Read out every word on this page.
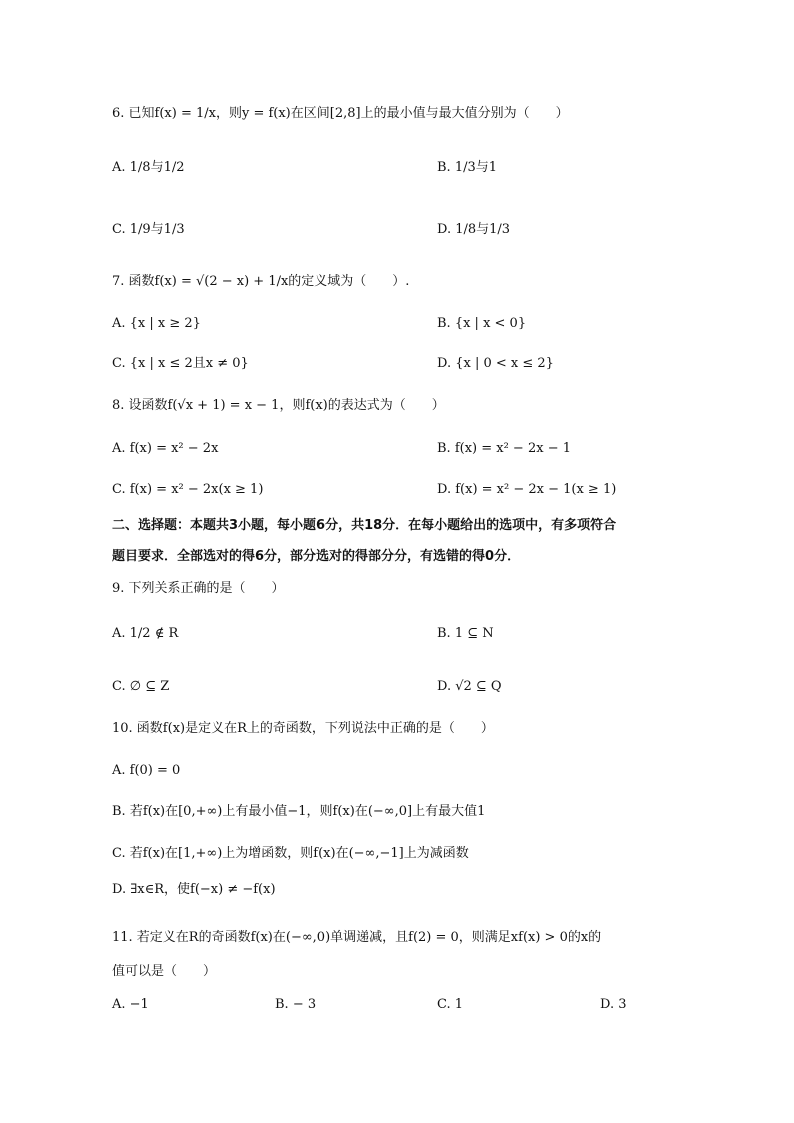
6. 已知f(x) = 1/x，则y = f(x)在区间[2,8]上的最小值与最大值分别为（　　）
A. 1/8与1/2	B. 1/3与1
C. 1/9与1/3	D. 1/8与1/3
7. 函数f(x) = √(2 − x) + 1/x的定义域为（　　）.
A. {x | x ≥ 2}	B. {x | x < 0}
C. {x | x ≤ 2且x ≠ 0}	D. {x | 0 < x ≤ 2}
8. 设函数f(√x + 1) = x − 1，则f(x)的表达式为（　　）
A. f(x) = x² − 2x	B. f(x) = x² − 2x − 1
C. f(x) = x² − 2x(x ≥ 1)	D. f(x) = x² − 2x − 1(x ≥ 1)
二、选择题：本题共3小题，每小题6分，共18分．在每小题给出的选项中，有多项符合
题目要求．全部选对的得6分，部分选对的得部分分，有选错的得0分．
9. 下列关系正确的是（　　）
A. 1/2 ∉ R	B. 1 ⊆ N
C. ∅ ⊆ Z	D. √2 ⊆ Q
10. 函数f(x)是定义在R上的奇函数，下列说法中正确的是（　　）
A. f(0) = 0
B. 若f(x)在[0,+∞)上有最小值−1，则f(x)在(−∞,0]上有最大值1
C. 若f(x)在[1,+∞)上为增函数，则f(x)在(−∞,−1]上为减函数
D. ∃x∈R，使f(−x) ≠ −f(x)
11. 若定义在R的奇函数f(x)在(−∞,0)单调递减，且f(2) = 0，则满足xf(x) > 0的x的
值可以是（　　）
A. −1	B. − 3	C. 1	D. 3
